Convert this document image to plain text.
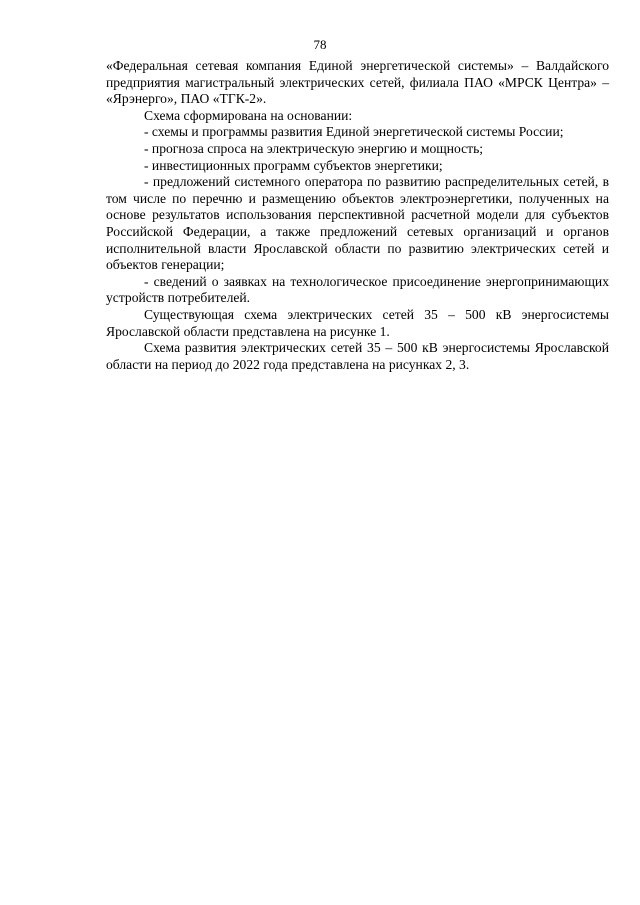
78

«Федеральная сетевая компания Единой энергетической системы» – Валдайского предприятия магистральный электрических сетей, филиала ПАО «МРСК Центра» – «Ярэнерго», ПАО «ТГК-2».

Схема сформирована на основании:

- схемы и программы развития Единой энергетической системы России;

- прогноза спроса на электрическую энергию и мощность;

- инвестиционных программ субъектов энергетики;

- предложений системного оператора по развитию распределительных сетей, в том числе по перечню и размещению объектов электроэнергетики, полученных на основе результатов использования перспективной расчетной модели для субъектов Российской Федерации, а также предложений сетевых организаций и органов исполнительной власти Ярославской области по развитию электрических сетей и объектов генерации;

- сведений о заявках на технологическое присоединение энергопринимающих устройств потребителей.

Существующая схема электрических сетей 35 – 500 кВ энергосистемы Ярославской области представлена на рисунке 1.

Схема развития электрических сетей 35 – 500 кВ энергосистемы Ярославской области на период до 2022 года представлена на рисунках 2, 3.
